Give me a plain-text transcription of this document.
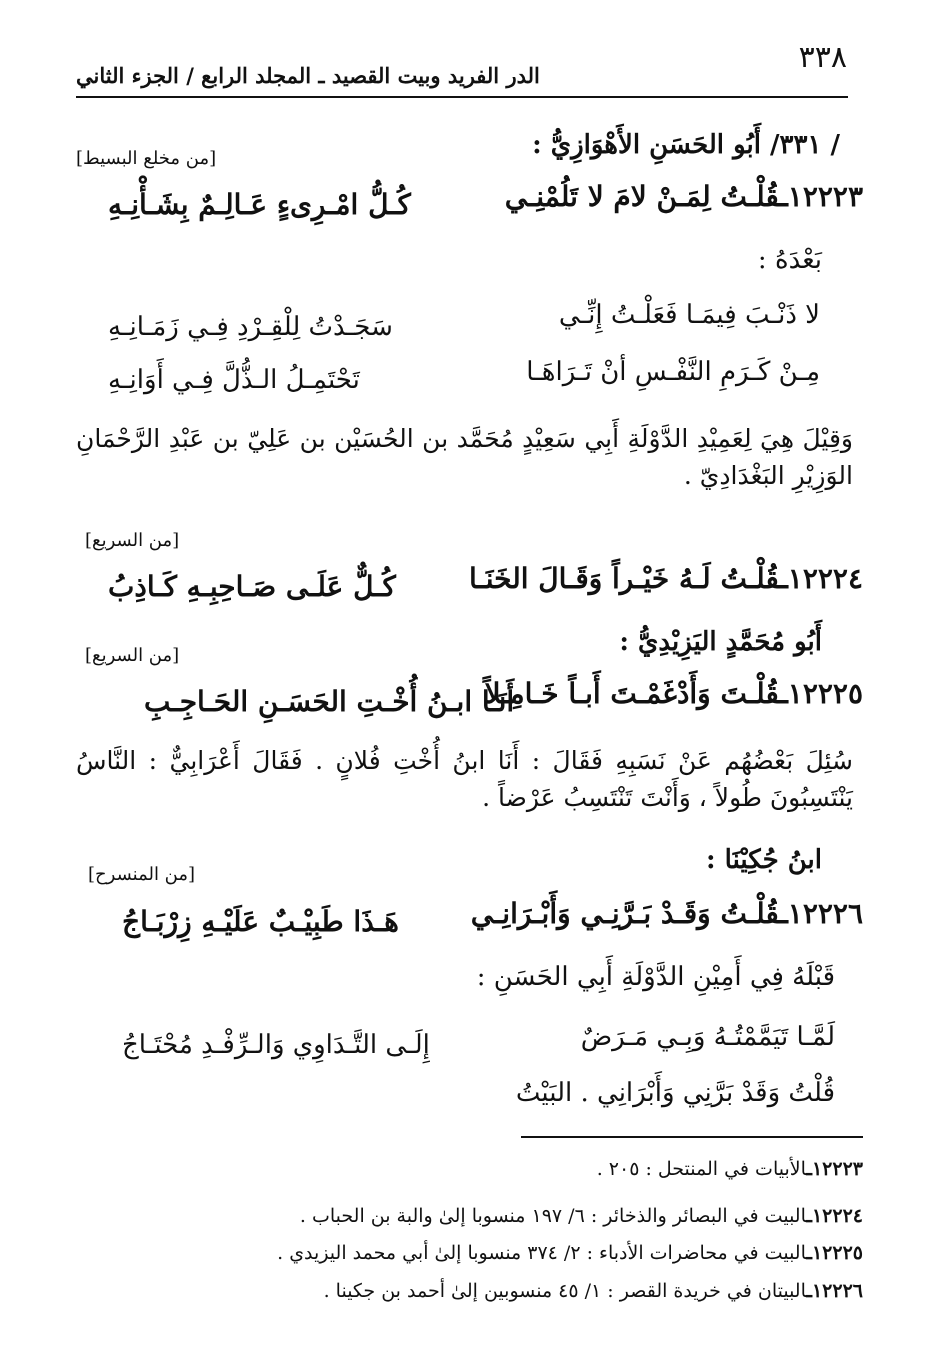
٣٣٨
الدر الفريد وبيت القصيد ـ المجلد الرابع / الجزء الثاني
/ ٣٣١/ أَبُو الحَسَنِ الأَهْوَازِيُّ :
[من مخلع البسيط]
١٢٢٢٣ـقُلْـتُ لِمَـنْ لامَ لا تَلُمْنِـي
كُـلُّ امْـرِىءٍ عَـالِـمٌ بِشَـأْنِـهِ
بَعْدَهُ :
لا ذَنْـبَ فِيمَـا فَعَلْـتُ إِنِّـي
سَجَـدْتُ لِلْقِـرْدِ فِـي زَمَـانِـهِ
مِـنْ كَـرَمِ النَّفْـسِ أنْ تَـرَاهَـا
تَحْتَمِـلُ الـذُّلَّ فِـي أَوَانِـهِ
وَقِيْلَ هِيَ لِعَمِيْدِ الدَّوْلَةِ أَبِي سَعِيْدٍ مُحَمَّد بن الحُسَيْن بن عَلِيّ بن عَبْدِ الرَّحْمَانِ الوَزِيْرِ البَغْدَادِيّ .
[من السريع]
١٢٢٢٤ـقُلْـتُ لَـهُ خَيْـراً وَقَـالَ الخَنَـا
كُـلٌّ عَلَـى صَـاحِبِـهِ كَـاذِبُ
أَبُو مُحَمَّدٍ اليَزِيْدِيُّ :
[من السريع]
١٢٢٢٥ـقُلْـتَ وَأَدْغَمْـتَ أَبـاً خَـامِـلاً
أَنَـا ابـنُ أُخْـتِ الحَسَـنِ الحَـاجِـبِ
سُئِلَ بَعْضُهُم عَنْ نَسَبِهِ فَقَالَ : أَنَا ابنُ أُخْتِ فُلانٍ . فَقَالَ أَعْرَابِيٌّ : النَّاسُ يَنْتَسِبُونَ طُولاً ، وَأَنْتَ تَنْتَسِبُ عَرْضاً .
ابنُ جُكِيْنَا :
[من المنسرح]
١٢٢٢٦ـقُلْـتُ وَقَـدْ بَـرَّنِـي وَأَبْـرَانِـي
هَـذَا طَبِيْـبٌ عَلَيْـهِ زِرْبَـاجُ
قَبْلَهُ فِي أَمِيْنِ الدَّوْلَةِ أَبِي الحَسَنِ :
لَمَّـا تَيَمَّمْتُـهُ وَبِـي مَـرَضٌ
إِلَـى التَّـدَاوِي وَالـرِّفْـدِ مُحْتَـاجُ
قُلْتُ وَقَدْ بَرَّنِي وَأَبْرَانِي . البَيْتُ
١٢٢٢٣ـالأبيات في المنتحل : ٢٠٥ .
١٢٢٢٤ـالبيت في البصائر والذخائر : ٦/ ١٩٧ منسوبا إلىٰ والبة بن الحباب .
١٢٢٢٥ـالبيت في محاضرات الأدباء : ٢/ ٣٧٤ منسوبا إلىٰ أبي محمد اليزيدي .
١٢٢٢٦ـالبيتان في خريدة القصر : ١/ ٤٥ منسوبين إلىٰ أحمد بن جكينا .
